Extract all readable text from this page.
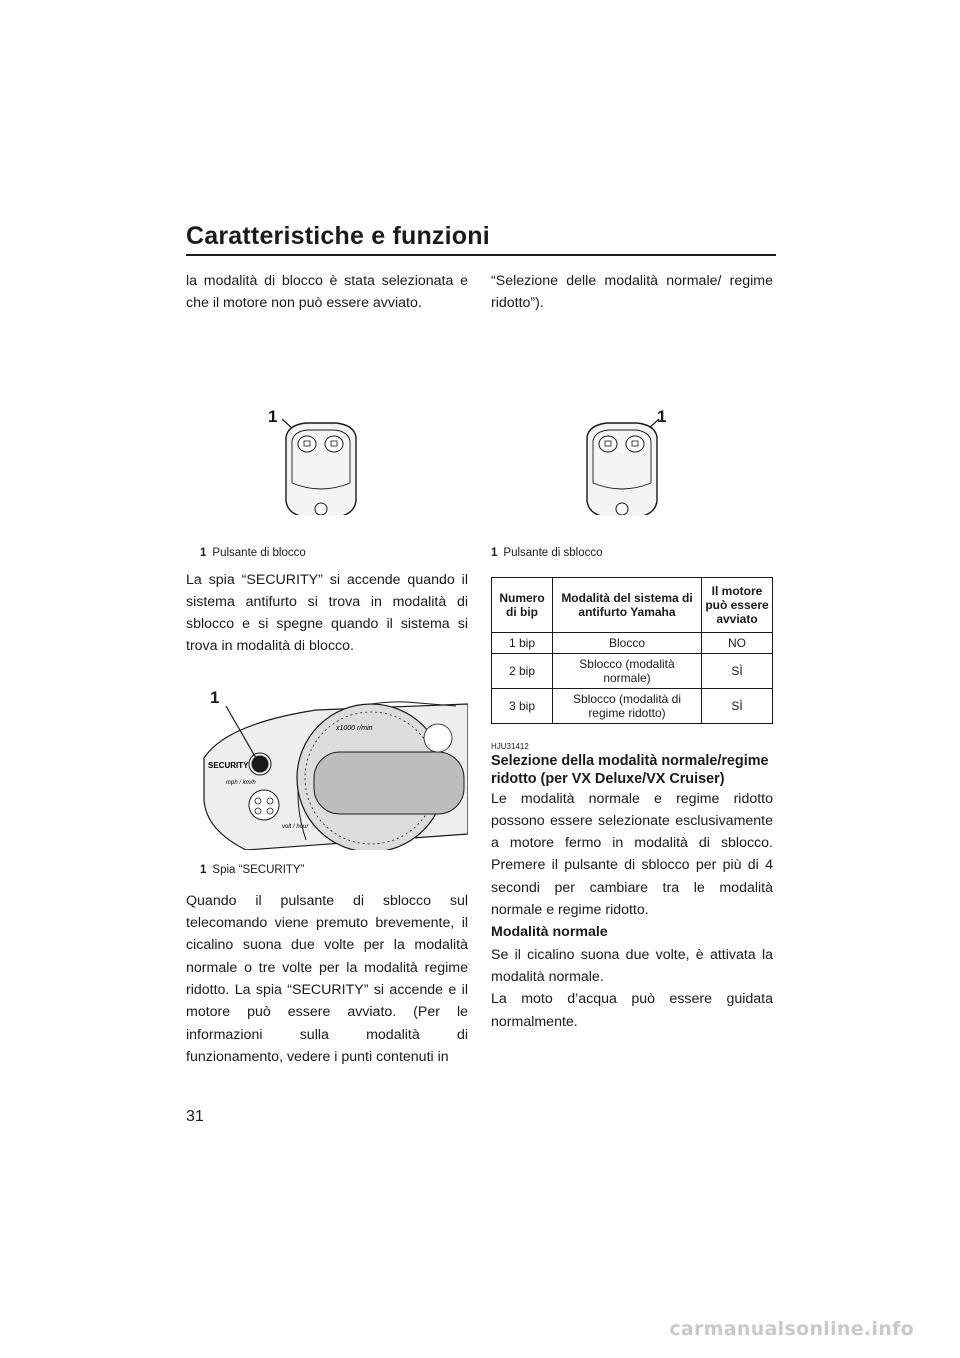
Caratteristiche e funzioni

la modalità di blocco è stata selezionata e che il motore non può essere avviato.

1

1 Pulsante di blocco

La spia “SECURITY” si accende quando il sistema antifurto si trova in modalità di sblocco e si spegne quando il sistema si trova in modalità di blocco.

1
SECURITY
mph / km/h
volt / hour
x1000 r/min

1 Spia “SECURITY”

Quando il pulsante di sblocco sul telecomando viene premuto brevemente, il cicalino suona due volte per la modalità normale o tre volte per la modalità regime ridotto. La spia “SECURITY” si accende e il motore può essere avviato. (Per le informazioni sulla modalità di funzionamento, vedere i punti contenuti in

“Selezione delle modalità normale/ regime ridotto”).

1

1 Pulsante di sblocco

Numero di bip	Modalità del sistema di antifurto Yamaha	Il motore può essere avviato
1 bip	Blocco	NO
2 bip	Sblocco (modalità normale)	SÌ
3 bip	Sblocco (modalità di regime ridotto)	SÌ

HJU31412

Selezione della modalità normale/regime ridotto (per VX Deluxe/VX Cruiser)

Le modalità normale e regime ridotto possono essere selezionate esclusivamente a motore fermo in modalità di sblocco. Premere il pulsante di sblocco per più di 4 secondi per cambiare tra le modalità normale e regime ridotto.

Modalità normale

Se il cicalino suona due volte, è attivata la modalità normale.

La moto d’acqua può essere guidata normalmente.

31
carmanualsonline.info
